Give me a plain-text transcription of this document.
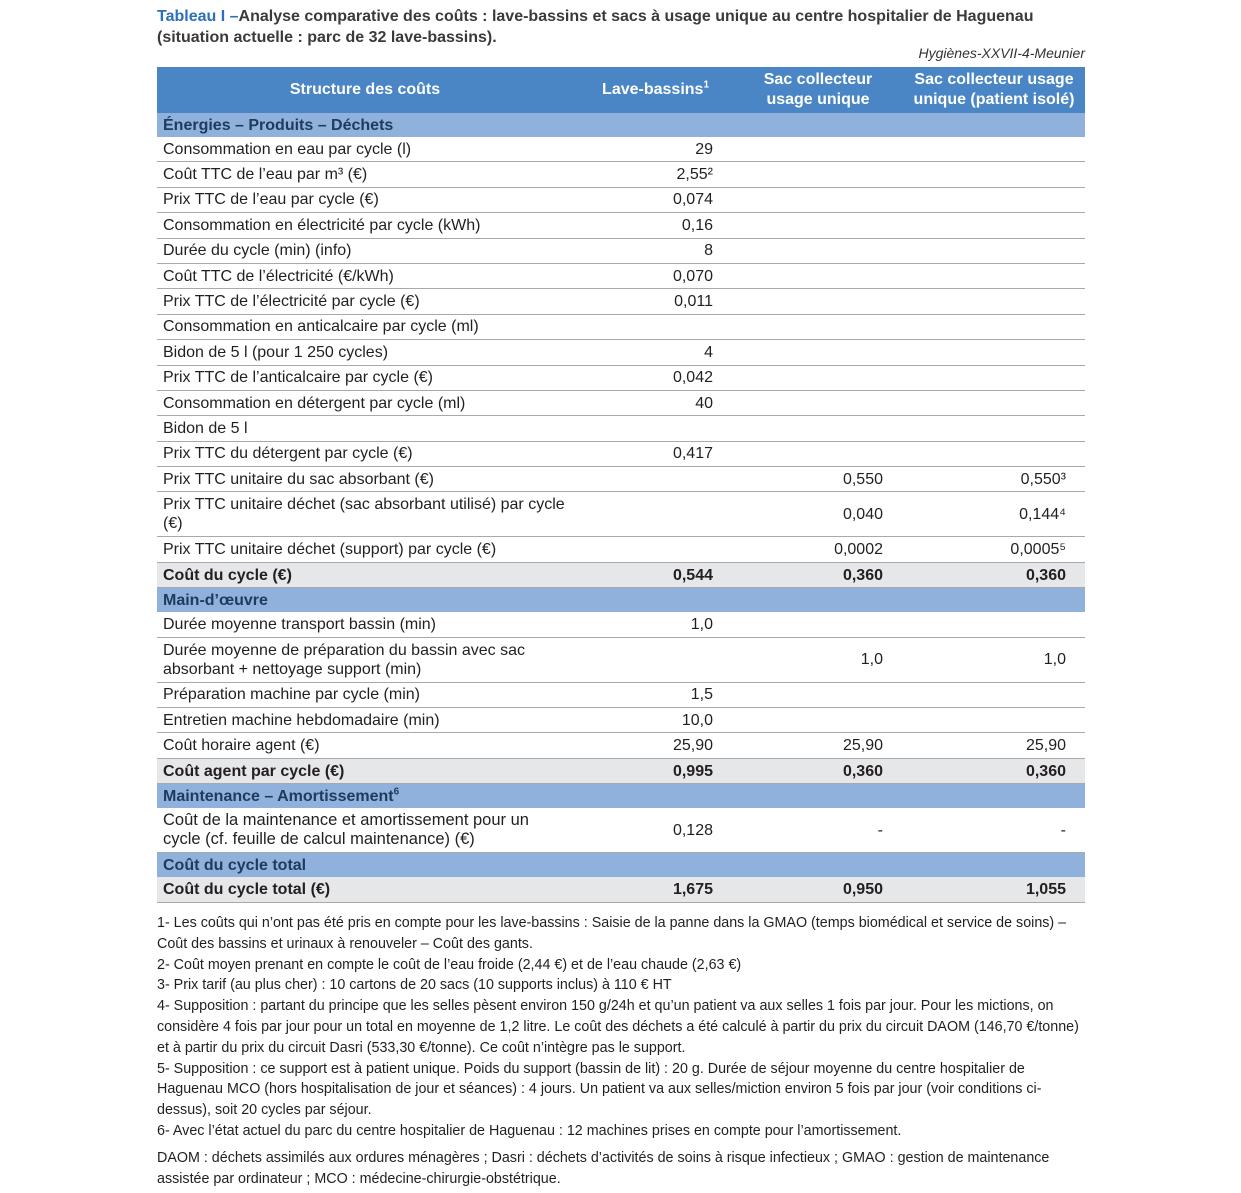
Tableau I –Analyse comparative des coûts : lave-bassins et sacs à usage unique au centre hospitalier de Haguenau (situation actuelle : parc de 32 lave-bassins).
Hygiènes-XXVII-4-Meunier
Structure des coûts	Lave-bassins$^1$	Sac collecteur usage unique	Sac collecteur usage unique (patient isolé)
Énergies – Produits – Déchets			
Consommation en eau par cycle (l)	29		
Coût TTC de l’eau par m³ (€)	2,55²		
Prix TTC de l’eau par cycle (€)	0,074		
Consommation en électricité par cycle (kWh)	0,16		
Durée du cycle (min) (info)	8		
Coût TTC de l’électricité (€/kWh)	0,070		
Prix TTC de l’électricité par cycle (€)	0,011		
Consommation en anticalcaire par cycle (ml)			
Bidon de 5 l (pour 1 250 cycles)	4		
Prix TTC de l’anticalcaire par cycle (€)	0,042		
Consommation en détergent par cycle (ml)	40		
Bidon de 5 l			
Prix TTC du détergent par cycle (€)	0,417		
Prix TTC unitaire du sac absorbant (€)		0,550	0,550³
Prix TTC unitaire déchet (sac absorbant utilisé) par cycle (€)		0,040	0,144⁴
Prix TTC unitaire déchet (support) par cycle (€)		0,0002	0,0005⁵
Coût du cycle (€)	0,544	0,360	0,360
Main-d’œuvre			
Durée moyenne transport bassin (min)	1,0		
Durée moyenne de préparation du bassin avec sac absorbant + nettoyage support (min)		1,0	1,0
Préparation machine par cycle (min)	1,5		
Entretien machine hebdomadaire (min)	10,0		
Coût horaire agent (€)	25,90	25,90	25,90
Coût agent par cycle (€)	0,995	0,360	0,360
Maintenance – Amortissement$^6$
Coût de la maintenance et amortissement pour un cycle (cf. feuille de calcul maintenance) (€)	0,128	-	-
Coût du cycle total			
Coût du cycle total (€)	1,675	0,950	1,055

1- Les coûts qui n’ont pas été pris en compte pour les lave-bassins : Saisie de la panne dans la GMAO (temps biomédical et service de soins) – Coût des bassins et urinaux à renouveler – Coût des gants.

2- Coût moyen prenant en compte le coût de l’eau froide (2,44 €) et de l’eau chaude (2,63 €)

3- Prix tarif (au plus cher) : 10 cartons de 20 sacs (10 supports inclus) à 110 € HT

4- Supposition : partant du principe que les selles pèsent environ 150 g/24h et qu’un patient va aux selles 1 fois par jour. Pour les mictions, on considère 4 fois par jour pour un total en moyenne de 1,2 litre. Le coût des déchets a été calculé à partir du prix du circuit DAOM (146,70 €/tonne) et à partir du prix du circuit Dasri (533,30 €/tonne). Ce coût n’intègre pas le support.

5- Supposition : ce support est à patient unique. Poids du support (bassin de lit) : 20 g. Durée de séjour moyenne du centre hospitalier de Haguenau MCO (hors hospitalisation de jour et séances) : 4 jours. Un patient va aux selles/miction environ 5 fois par jour (voir conditions ci-dessus), soit 20 cycles par séjour.

6- Avec l’état actuel du parc du centre hospitalier de Haguenau : 12 machines prises en compte pour l’amortissement.

DAOM : déchets assimilés aux ordures ménagères ; Dasri : déchets d’activités de soins à risque infectieux ; GMAO : gestion de maintenance assistée par ordinateur ; MCO : médecine-chirurgie-obstétrique.
